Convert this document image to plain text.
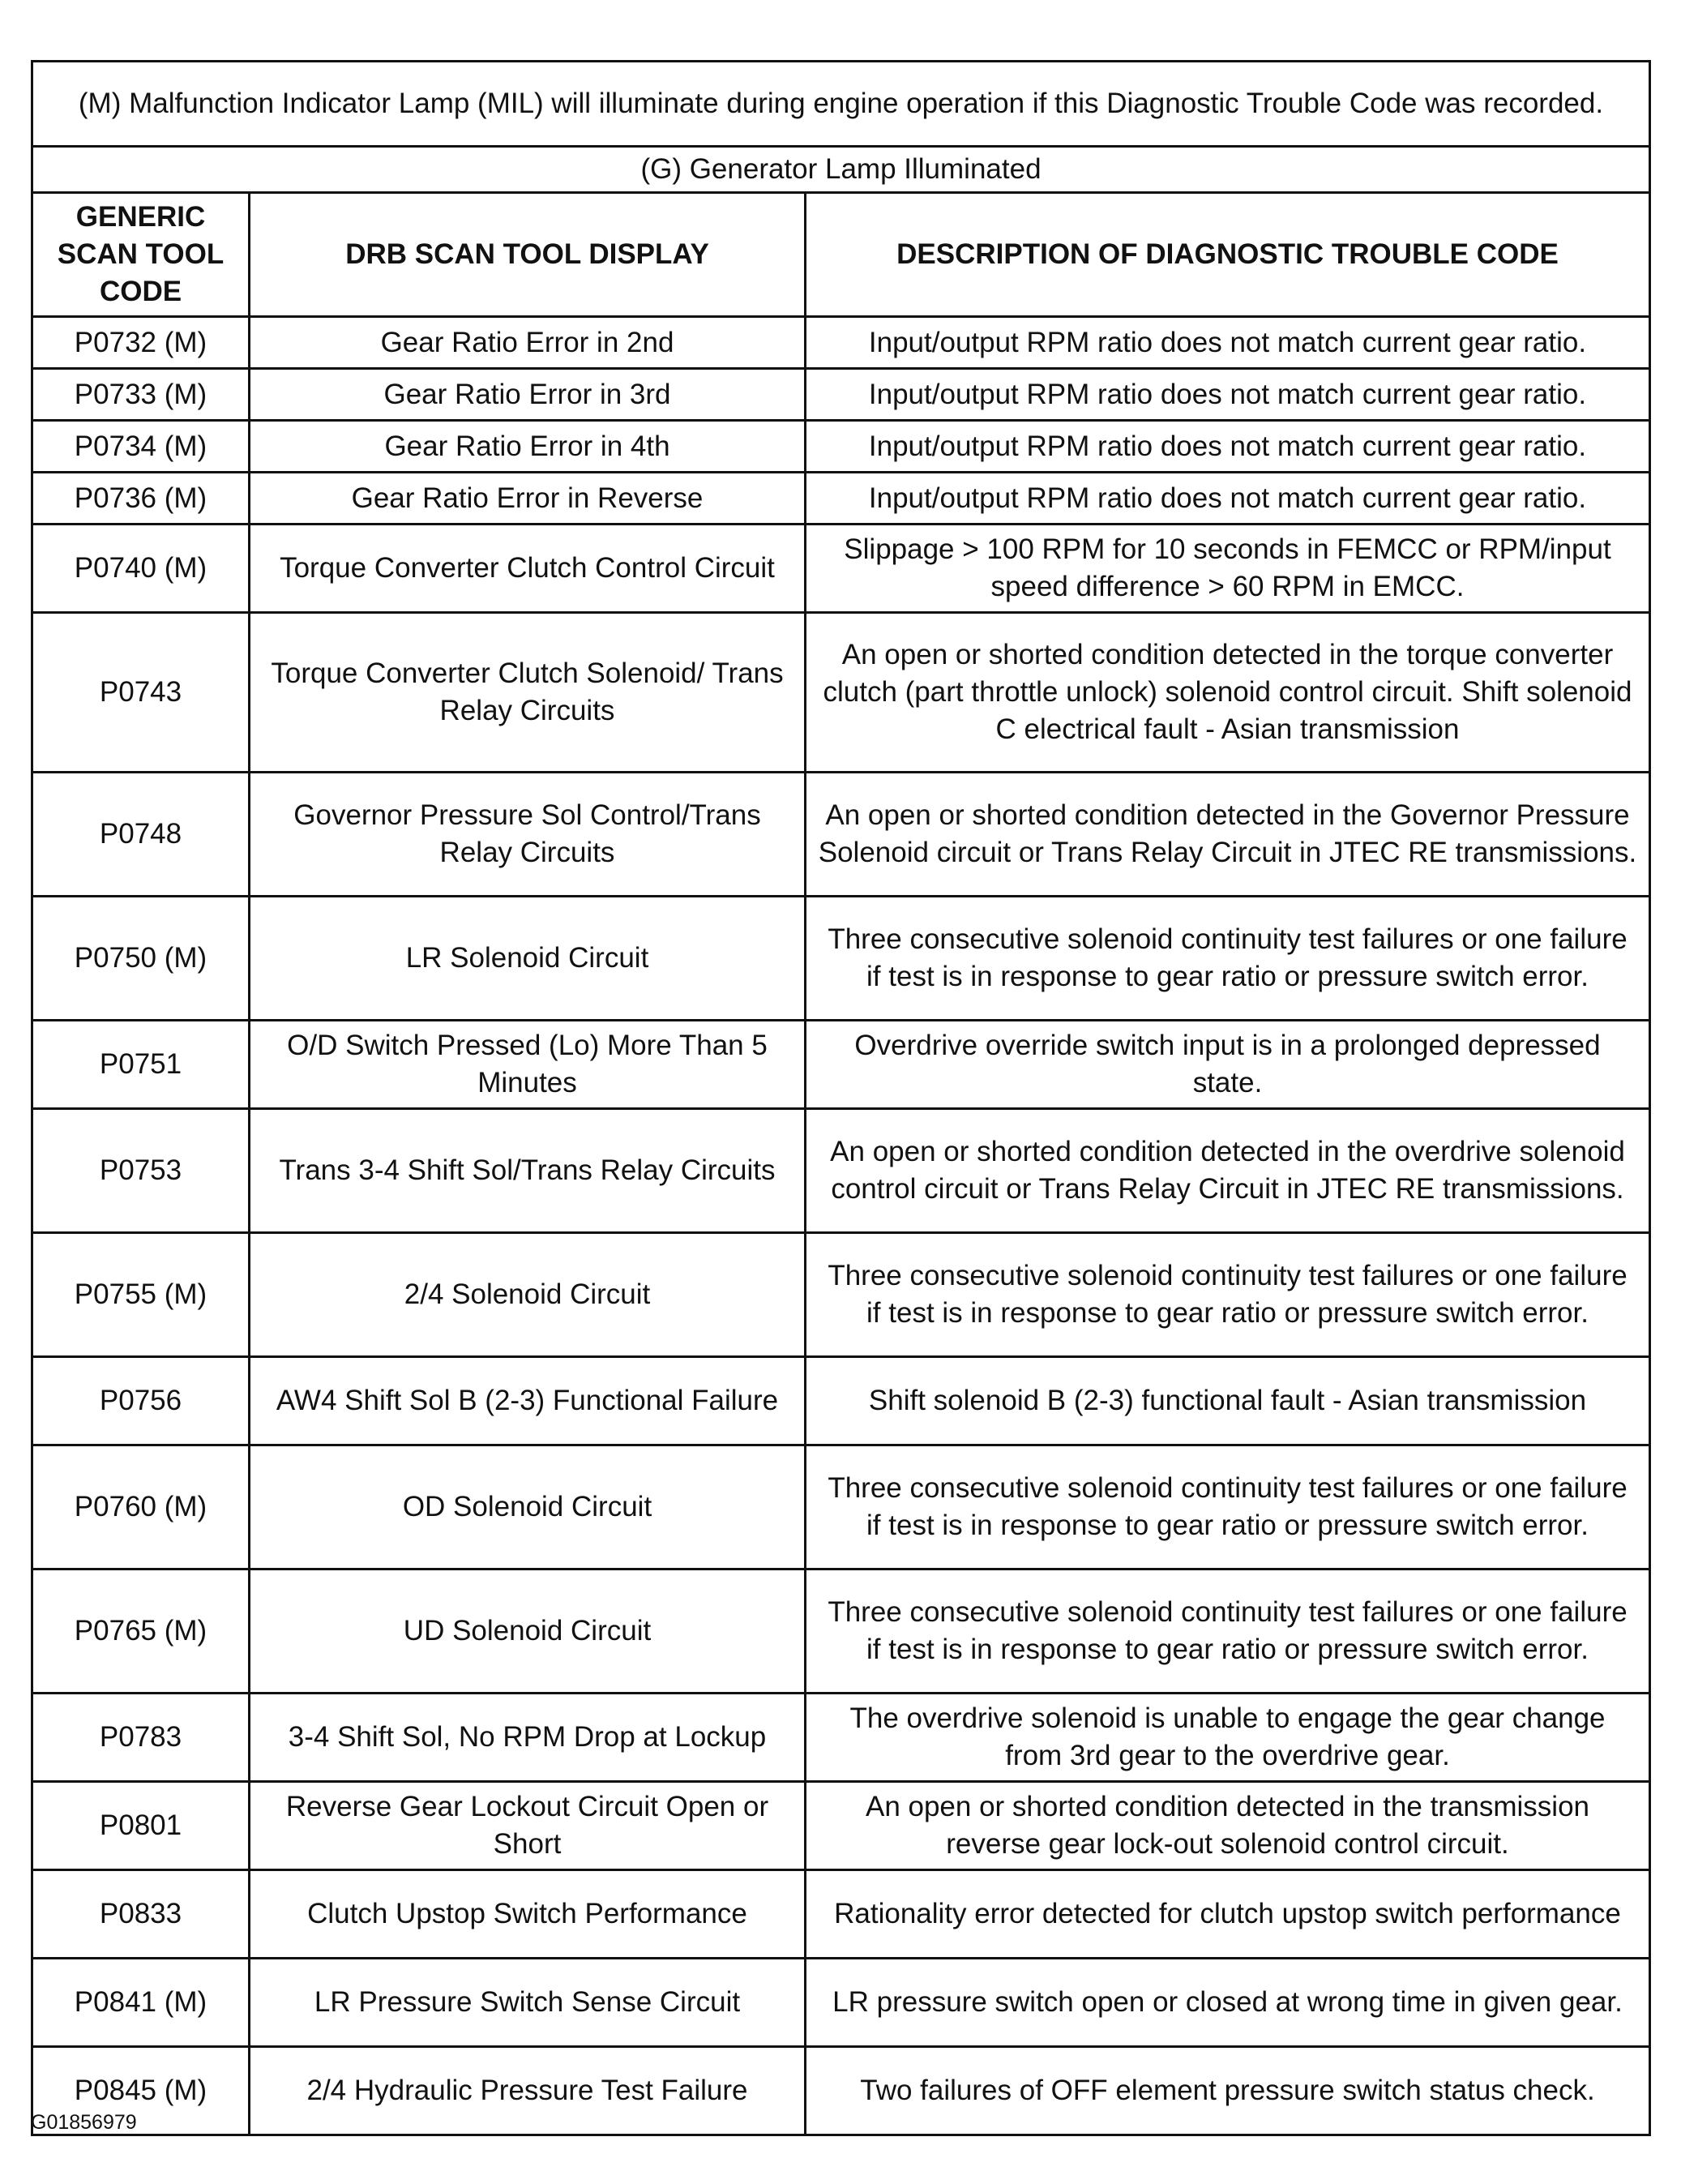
(M) Malfunction Indicator Lamp (MIL) will illuminate during engine operation if this Diagnostic Trouble Code was recorded.		
(G) Generator Lamp Illuminated		
GENERIC SCAN TOOL CODE	DRB SCAN TOOL DISPLAY	DESCRIPTION OF DIAGNOSTIC TROUBLE CODE
P0732 (M)	Gear Ratio Error in 2nd	Input/output RPM ratio does not match current gear ratio.
P0733 (M)	Gear Ratio Error in 3rd	Input/output RPM ratio does not match current gear ratio.
P0734 (M)	Gear Ratio Error in 4th	Input/output RPM ratio does not match current gear ratio.
P0736 (M)	Gear Ratio Error in Reverse	Input/output RPM ratio does not match current gear ratio.
P0740 (M)	Torque Converter Clutch Control Circuit	Slippage > 100 RPM for 10 seconds in FEMCC or RPM/input speed difference > 60 RPM in EMCC.
P0743	Torque Converter Clutch Solenoid/ Trans Relay Circuits	An open or shorted condition detected in the torque converter clutch (part throttle unlock) solenoid control circuit. Shift solenoid C electrical fault - Asian transmission
P0748	Governor Pressure Sol Control/Trans Relay Circuits	An open or shorted condition detected in the Governor Pressure Solenoid circuit or Trans Relay Circuit in JTEC RE transmissions.
P0750 (M)	LR Solenoid Circuit	Three consecutive solenoid continuity test failures or one failure if test is in response to gear ratio or pressure switch error.
P0751	O/D Switch Pressed (Lo) More Than 5 Minutes	Overdrive override switch input is in a prolonged depressed state.
P0753	Trans 3-4 Shift Sol/Trans Relay Circuits	An open or shorted condition detected in the overdrive solenoid control circuit or Trans Relay Circuit in JTEC RE transmissions.
P0755 (M)	2/4 Solenoid Circuit	Three consecutive solenoid continuity test failures or one failure if test is in response to gear ratio or pressure switch error.
P0756	AW4 Shift Sol B (2-3) Functional Failure	Shift solenoid B (2-3) functional fault - Asian transmission
P0760 (M)	OD Solenoid Circuit	Three consecutive solenoid continuity test failures or one failure if test is in response to gear ratio or pressure switch error.
P0765 (M)	UD Solenoid Circuit	Three consecutive solenoid continuity test failures or one failure if test is in response to gear ratio or pressure switch error.
P0783	3-4 Shift Sol, No RPM Drop at Lockup	The overdrive solenoid is unable to engage the gear change from 3rd gear to the overdrive gear.
P0801	Reverse Gear Lockout Circuit Open or Short	An open or shorted condition detected in the transmission reverse gear lock-out solenoid control circuit.
P0833	Clutch Upstop Switch Performance	Rationality error detected for clutch upstop switch performance
P0841 (M)	LR Pressure Switch Sense Circuit	LR pressure switch open or closed at wrong time in given gear.
P0845 (M)	2/4 Hydraulic Pressure Test Failure	Two failures of OFF element pressure switch status check.
G01856979
